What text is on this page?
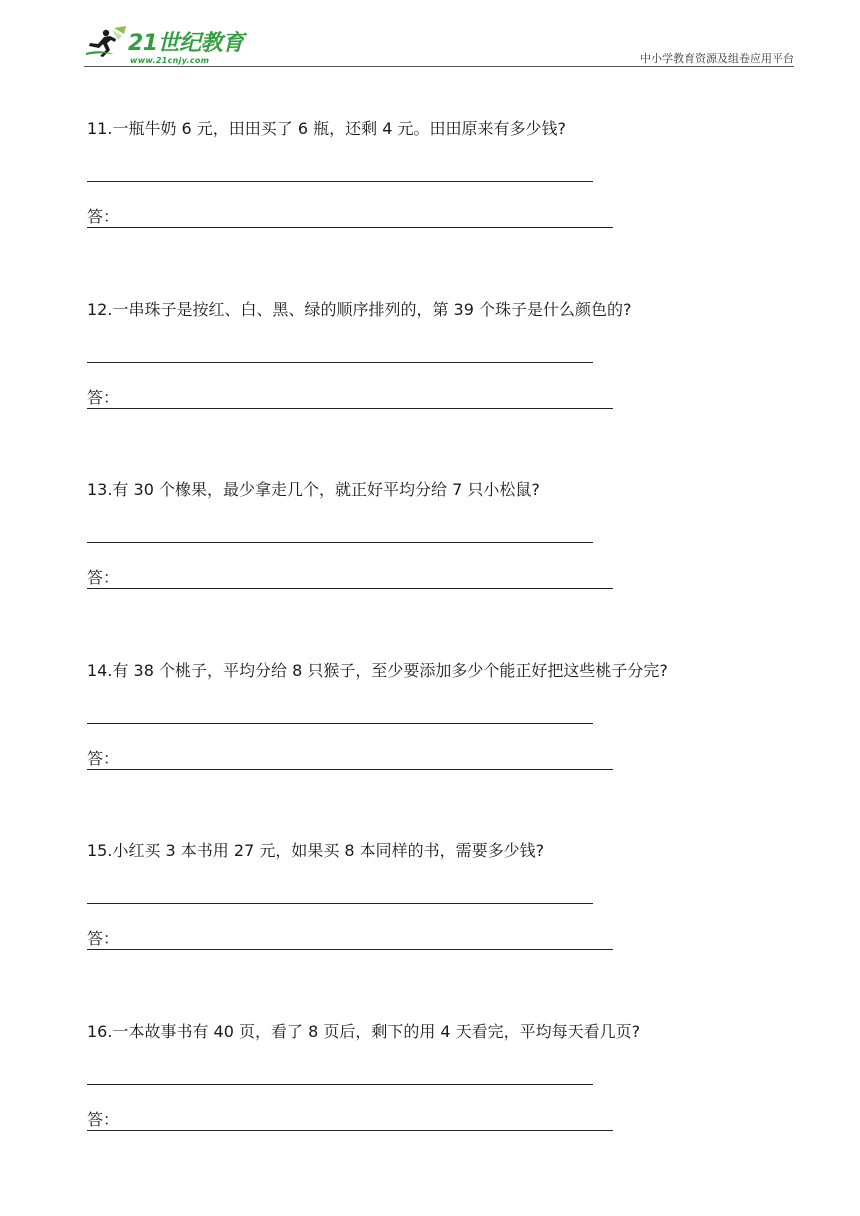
21世纪教育
www.21cnjy.com	中小学教育资源及组卷应用平台
11.一瓶牛奶 6 元，田田买了 6 瓶，还剩 4 元。田田原来有多少钱?
答：
12.一串珠子是按红、白、黑、绿的顺序排列的，第 39 个珠子是什么颜色的?
答：
13.有 30 个橡果，最少拿走几个，就正好平均分给 7 只小松鼠?
答：
14.有 38 个桃子，平均分给 8 只猴子，至少要添加多少个能正好把这些桃子分完?
答：
15.小红买 3 本书用 27 元，如果买 8 本同样的书，需要多少钱?
答：
16.一本故事书有 40 页，看了 8 页后，剩下的用 4 天看完，平均每天看几页?
答：
